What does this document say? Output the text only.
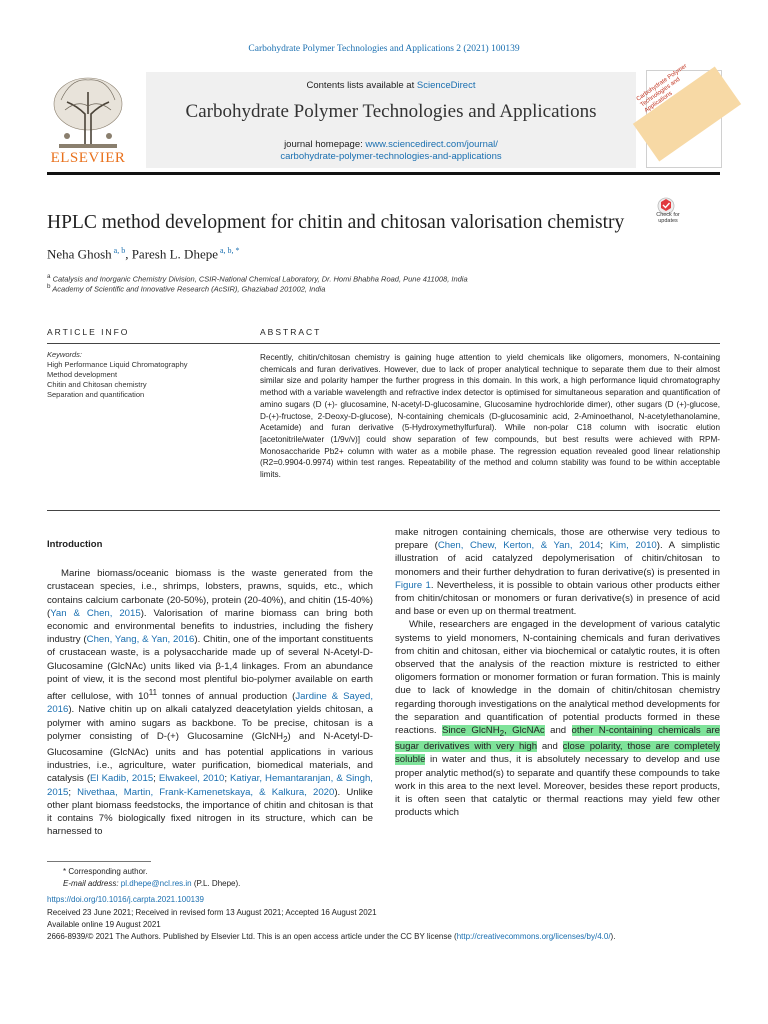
Carbohydrate Polymer Technologies and Applications 2 (2021) 100139
ELSEVIER
Contents lists available at ScienceDirect
Carbohydrate Polymer Technologies and Applications
journal homepage: www.sciencedirect.com/journal/
carbohydrate-polymer-technologies-and-applications
Carbohydrate Polymer Technologies and Applications
HPLC method development for chitin and chitosan valorisation chemistry	Check for updates
Neha Ghosh $^{a, b}$, Paresh L. Dhepe $^{a, b, *}$
$^a$ Catalysis and Inorganic Chemistry Division, CSIR-National Chemical Laboratory, Dr. Homi Bhabha Road, Pune 411008, India
$^b$ Academy of Scientific and Innovative Research (AcSIR), Ghaziabad 201002, India
ARTICLE INFO	ABSTRACT
Keywords:
High Performance Liquid Chromatography
Method development
Chitin and Chitosan chemistry
Separation and quantification
Recently, chitin/chitosan chemistry is gaining huge attention to yield chemicals like oligomers, monomers, N-containing chemicals and furan derivatives. However, due to lack of proper analytical technique to separate them due to their almost similar size and polarity hamper the further progress in this domain. In this work, a high performance liquid chromatography method with a variable wavelength and refractive index detector is optimised for simultaneous separation and quantification of amino sugars (D (+)- glucosamine, N-acetyl-D-glucosamine, Glucosamine hydrochloride dimer), other sugars (D (+)-glucose, D-(+)-fructose, 2-Deoxy-D-glucose), N-containing chemicals (D-glucosaminic acid, 2-Aminoethanol, N-acetylethanolamine, Acetamide) and furan derivative (5-Hydroxymethylfurfural). While non-polar C18 column with isocratic elution [acetonitrile/water (1/9v/v)] could show separation of few compounds, but best results were achieved with RPM-Monosaccharide Pb2+ column with water as a mobile phase. The regression equation revealed good linear relationship (R2=0.9904-0.9974) within test ranges. Repeatability of the method and column stability was found to be within acceptable limits.
Introduction

Marine biomass/oceanic biomass is the waste generated from the crustacean species, i.e., shrimps, lobsters, prawns, squids, etc., which contains calcium carbonate (20-50%), protein (20-40%), and chitin (15-40%) (Yan & Chen, 2015). Valorisation of marine biomass can bring both economic and environmental benefits to industries, including the fishery industry (Chen, Yang, & Yan, 2016). Chitin, one of the important constituents of crustacean waste, is a polysaccharide made up of several N-Acetyl-D-Glucosamine (GlcNAc) units liked via β-1,4 linkages. From an abundance point of view, it is the second most plentiful bio-polymer available on earth after cellulose, with $10^{11}$ tonnes of annual production (Jardine & Sayed, 2016). Native chitin up on alkali catalyzed deacetylation yields chitosan, a polymer with amino sugars as backbone. To be precise, chitosan is a polymer consisting of D-(+) Glucosamine (GlcNH$_2$) and N-Acetyl-D-Glucosamine (GlcNAc) units and has potential applications in various industries, i.e., agriculture, water purification, biomedical materials, and catalysis (El Kadib, 2015; Elwakeel, 2010; Katiyar, Hemantaranjan, & Singh, 2015; Nivethaa, Martin, Frank-Kamenetskaya, & Kalkura, 2020). Unlike other plant biomass feedstocks, the importance of chitin and chitosan is that it contains 7% biologically fixed nitrogen in its structure, which can be harnessed to

make nitrogen containing chemicals, those are otherwise very tedious to prepare (Chen, Chew, Kerton, & Yan, 2014; Kim, 2010). A simplistic illustration of acid catalyzed depolymerisation of chitin/chitosan to monomers and their further dehydration to furan derivative(s) is presented in Figure 1. Nevertheless, it is possible to obtain various other products either from chitin/chitosan or monomers or furan derivative(s) in presence of acid and base or even up on thermal treatment.

While, researchers are engaged in the development of various catalytic systems to yield monomers, N-containing chemicals and furan derivatives from chitin and chitosan, either via biochemical or catalytic routes, it is often observed that the analysis of the reaction mixture is restricted to either oligomers formation or monomer formation or furan formation. This is mainly due to lack of knowledge in the domain of chitin/chitosan chemistry regarding thorough investigations on the analytical method developments for the separation and quantification of potential products formed in these reactions. Since GlcNH$_2$, GlcNAc and other N-containing chemicals are sugar derivatives with very high and close polarity, those are completely soluble in water and thus, it is absolutely necessary to develop and use proper analytic method(s) to separate and quantify these compounds to take work in this area to the next level. Moreover, besides these report products, it is often seen that catalytic or thermal reactions may yield few other products which

* Corresponding author.
E-mail address: pl.dhepe@ncl.res.in (P.L. Dhepe).
https://doi.org/10.1016/j.carpta.2021.100139
Received 23 June 2021; Received in revised form 13 August 2021; Accepted 16 August 2021
Available online 19 August 2021
2666-8939/© 2021 The Authors. Published by Elsevier Ltd. This is an open access article under the CC BY license (http://creativecommons.org/licenses/by/4.0/).
